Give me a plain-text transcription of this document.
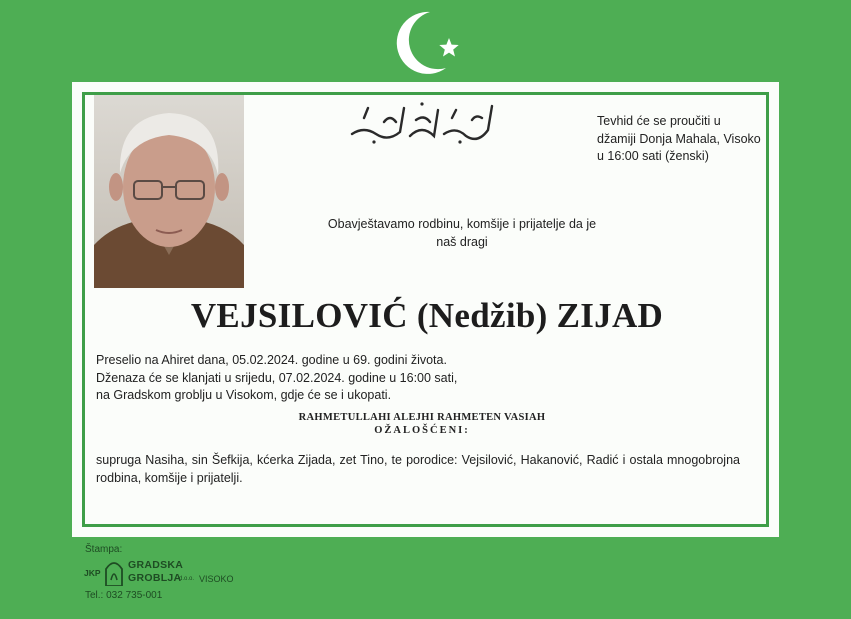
Tevhid će se proučiti u
džamiji Donja Mahala, Visoko
u 16:00 sati (ženski)
Obavještavamo rodbinu, komšije i prijatelje da je
naš dragi
VEJSILOVIĆ (Nedžib) ZIJAD
Preselio na Ahiret dana, 05.02.2024. godine u 69. godini života.
Dženaza će se klanjati u srijedu, 07.02.2024. godine u 16:00 sati,
na Gradskom groblju u Visokom, gdje će se i ukopati.
RAHMETULLAHI ALEJHI RAHMETEN VASIAH
OŽALOŠĆENI:
supruga Nasiha, sin Šefkija, kćerka Zijada, zet Tino, te porodice: Vejsilović, Hakanović, Radić i ostala mnogobrojna rodbina, komšije i prijatelji.
Štampa:
JKP
GRADSKA
GROBLJA
d.o.o. VISOKO
Tel.: 032 735-001
